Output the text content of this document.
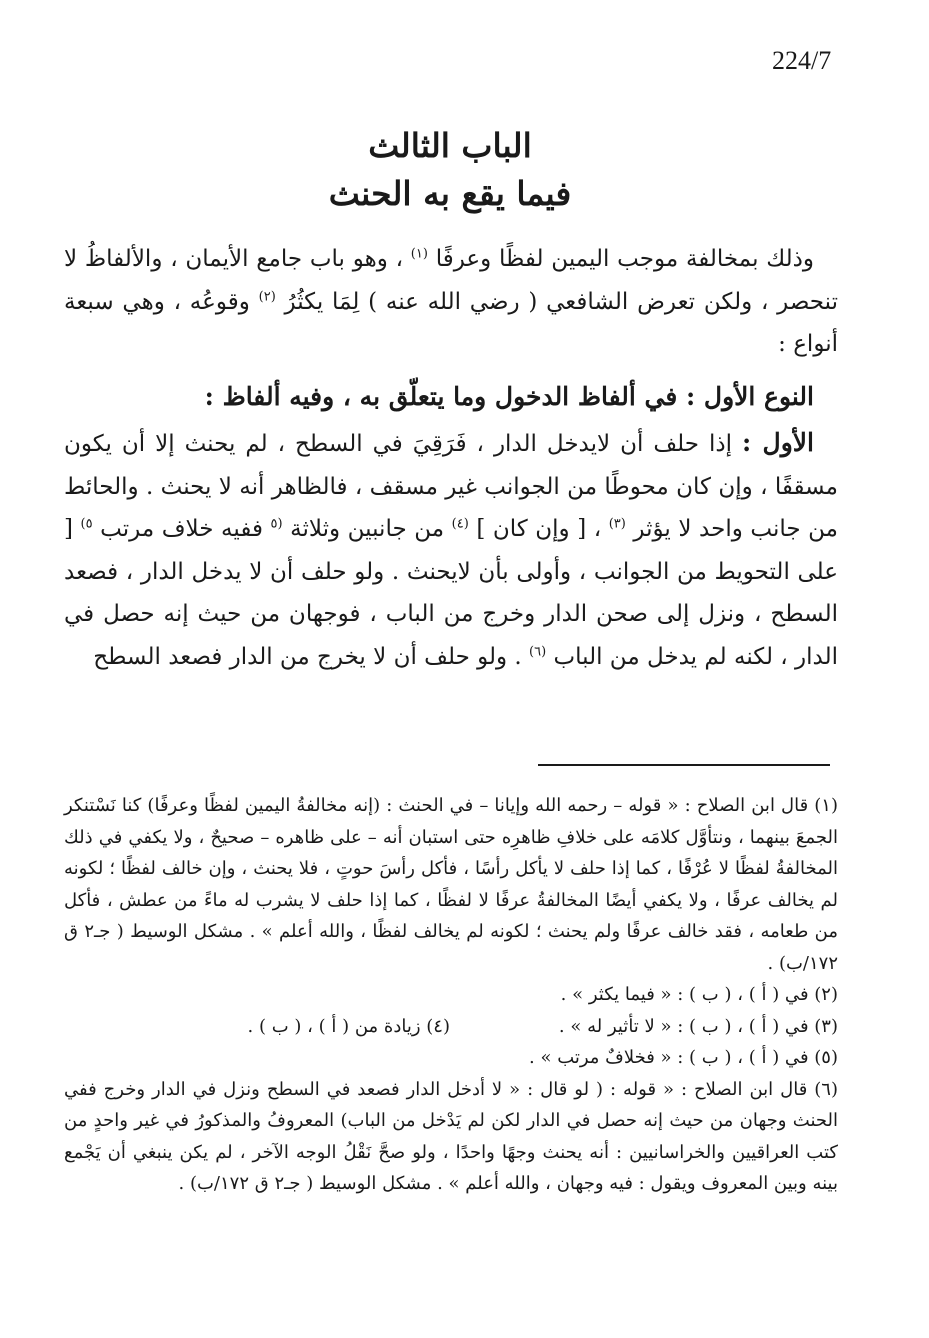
224/7
الباب الثالث
فيما يقع به الحنث

وذلك بمخالفة موجب اليمين لفظًا وعرفًا $^{(١)}$ ، وهو باب جامع الأيمان ، والألفاظُ لا تنحصر ، ولكن تعرض الشافعي ( رضي الله عنه ) لِمَا يكثُرُ $^{(٢)}$ وقوعُه ، وهي سبعة أنواع :

النوع الأول : في ألفاظ الدخول وما يتعلّق به ، وفيه ألفاظ :

الأول : إذا حلف أن لايدخل الدار ، فَرَقِيَ في السطح ، لم يحنث إلا أن يكون مسقفًا ، وإن كان محوطًا من الجوانب غير مسقف ، فالظاهر أنه لا يحنث . والحائط من جانب واحد لا يؤثر $^{(٣)}$ ، [ وإن كان ] $^{(٤)}$ من جانبين وثلاثة $^{(٥}$ ففيه خلاف مرتب $^{٥)}$ [ على التحويط من الجوانب ، وأولى بأن لايحنث . ولو حلف أن لا يدخل الدار ، فصعد السطح ، ونزل إلى صحن الدار وخرج من الباب ، فوجهان من حيث إنه حصل في الدار ، لكنه لم يدخل من الباب $^{(٦)}$ . ولو حلف أن لا يخرج من الدار فصعد السطح

(١) قال ابن الصلاح : « قوله – رحمه الله وإيانا – في الحنث : (إنه مخالفةُ اليمين لفظًا وعرفًا) كنا نَسْتنكر الجمعَ بينهما ، ونتأوَّل كلامَه على خلافِ ظاهرِه حتى استبان أنه – على ظاهره – صحيحٌ ، ولا يكفي في ذلك المخالفةُ لفظًا لا عُرْفًا ، كما إذا حلف لا يأكل رأسًا ، فأكل رأسَ حوتٍ ، فلا يحنث ، وإن خالف لفظًا ؛ لكونه لم يخالف عرفًا ، ولا يكفي أيضًا المخالفةُ عرفًا لا لفظًا ، كما إذا حلف لا يشرب له ماءً من عطش ، فأكل من طعامه ، فقد خالف عرفًا ولم يحنث ؛ لكونه لم يخالف لفظًا ، والله أعلم » . مشكل الوسيط ( جـ٢ ق ١٧٢/ب) .

(٢) في ( أ ) ، ( ب ) : « فيما يكثر » .

(٣) في ( أ ) ، ( ب ) : « لا تأثير له » .
(٤) زيادة من ( أ ) ، ( ب ) .

(٥) في ( أ ) ، ( ب ) : « فخلافٌ مرتب » .

(٦) قال ابن الصلاح : « قوله : ( لو قال : « لا أدخل الدار فصعد في السطح ونزل في الدار وخرج ففي الحنث وجهان من حيث إنه حصل في الدار لكن لم يَدْخل من الباب) المعروفُ والمذكورُ في غير واحدٍ من كتب العراقيين والخراسانيين : أنه يحنث وجهًا واحدًا ، ولو صحَّ نَقْلُ الوجه الآخر ، لم يكن ينبغي أن يَجْمع بينه وبين المعروف ويقول : فيه وجهان ، والله أعلم » . مشكل الوسيط ( جـ٢ ق ١٧٢/ب) .
